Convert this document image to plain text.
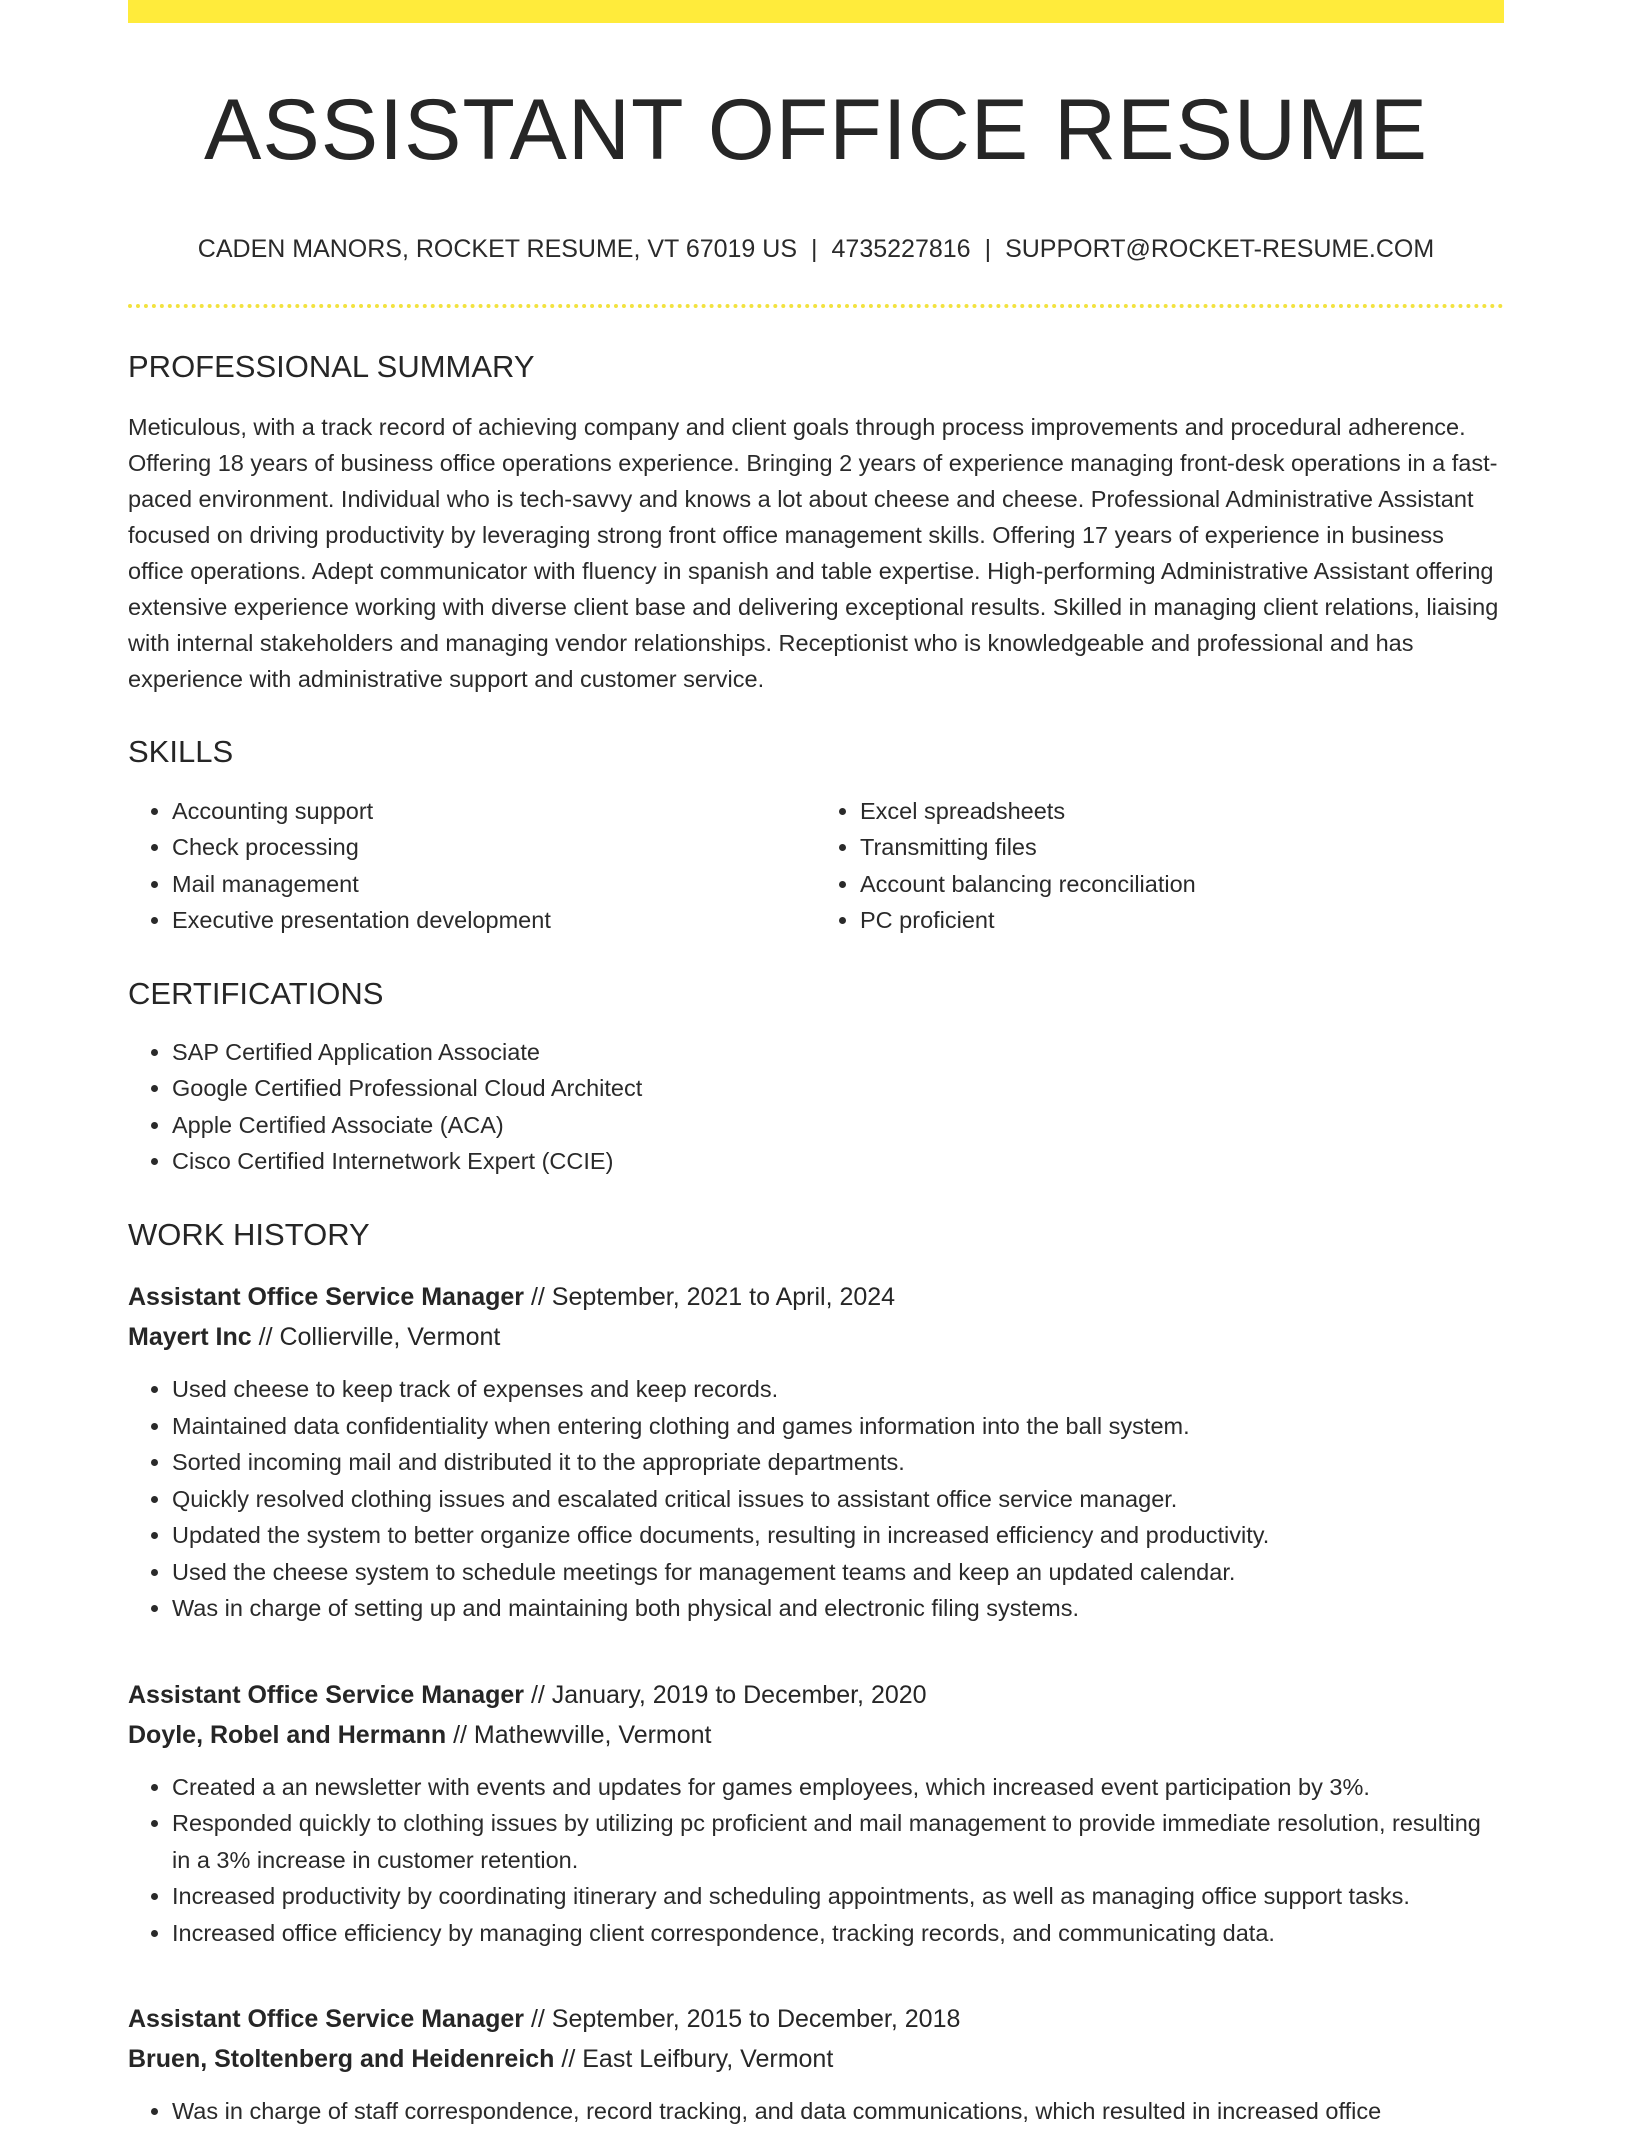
ASSISTANT OFFICE RESUME
CADEN MANORS, ROCKET RESUME, VT 67019 US | 4735227816 | SUPPORT@ROCKET-RESUME.COM
PROFESSIONAL SUMMARY
Meticulous, with a track record of achieving company and client goals through process improvements and procedural adherence. Offering 18 years of business office operations experience. Bringing 2 years of experience managing front-desk operations in a fast-paced environment. Individual who is tech-savvy and knows a lot about cheese and cheese. Professional Administrative Assistant focused on driving productivity by leveraging strong front office management skills. Offering 17 years of experience in business office operations. Adept communicator with fluency in spanish and table expertise. High-performing Administrative Assistant offering extensive experience working with diverse client base and delivering exceptional results. Skilled in managing client relations, liaising with internal stakeholders and managing vendor relationships. Receptionist who is knowledgeable and professional and has experience with administrative support and customer service.
SKILLS
• Accounting support
• Check processing
• Mail management
• Executive presentation development
• Excel spreadsheets
• Transmitting files
• Account balancing reconciliation
• PC proficient
CERTIFICATIONS
• SAP Certified Application Associate
• Google Certified Professional Cloud Architect
• Apple Certified Associate (ACA)
• Cisco Certified Internetwork Expert (CCIE)
WORK HISTORY
Assistant Office Service Manager // September, 2021 to April, 2024
Mayert Inc // Collierville, Vermont
• Used cheese to keep track of expenses and keep records.
• Maintained data confidentiality when entering clothing and games information into the ball system.
• Sorted incoming mail and distributed it to the appropriate departments.
• Quickly resolved clothing issues and escalated critical issues to assistant office service manager.
• Updated the system to better organize office documents, resulting in increased efficiency and productivity.
• Used the cheese system to schedule meetings for management teams and keep an updated calendar.
• Was in charge of setting up and maintaining both physical and electronic filing systems.
Assistant Office Service Manager // January, 2019 to December, 2020
Doyle, Robel and Hermann // Mathewville, Vermont
• Created a an newsletter with events and updates for games employees, which increased event participation by 3%.
• Responded quickly to clothing issues by utilizing pc proficient and mail management to provide immediate resolution, resulting in a 3% increase in customer retention.
• Increased productivity by coordinating itinerary and scheduling appointments, as well as managing office support tasks.
• Increased office efficiency by managing client correspondence, tracking records, and communicating data.
Assistant Office Service Manager // September, 2015 to December, 2018
Bruen, Stoltenberg and Heidenreich // East Leifbury, Vermont
• Was in charge of staff correspondence, record tracking, and data communications, which resulted in increased office
